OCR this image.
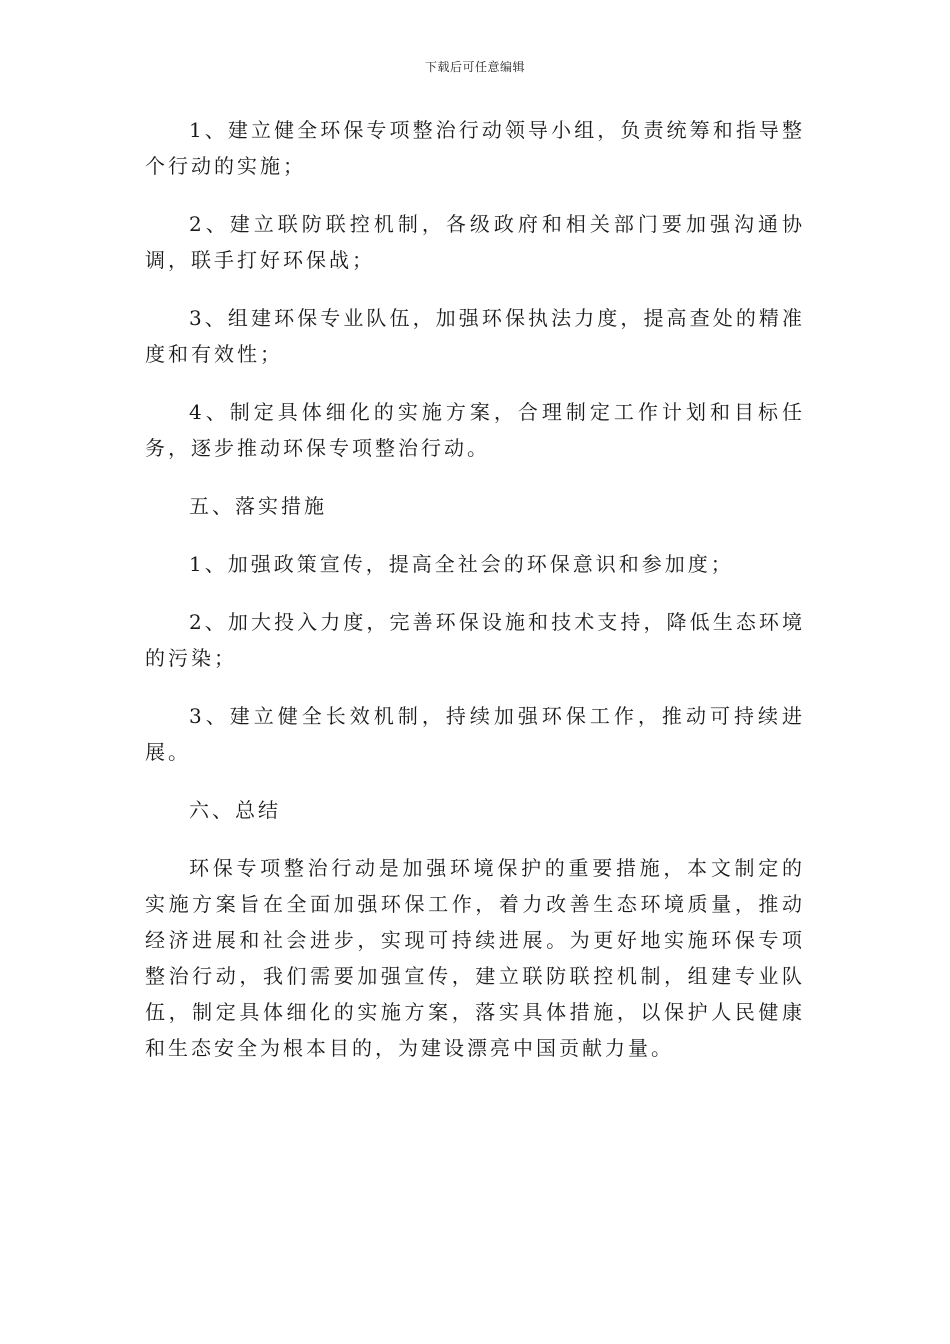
下载后可任意编辑

1、建立健全环保专项整治行动领导小组，负责统筹和指导整个行动的实施；

2、建立联防联控机制，各级政府和相关部门要加强沟通协调，联手打好环保战；

3、组建环保专业队伍，加强环保执法力度，提高查处的精准度和有效性；

4、制定具体细化的实施方案，合理制定工作计划和目标任务，逐步推动环保专项整治行动。

五、落实措施

1、加强政策宣传，提高全社会的环保意识和参加度；

2、加大投入力度，完善环保设施和技术支持，降低生态环境的污染；

3、建立健全长效机制，持续加强环保工作，推动可持续进展。

六、总结

环保专项整治行动是加强环境保护的重要措施，本文制定的实施方案旨在全面加强环保工作，着力改善生态环境质量，推动经济进展和社会进步，实现可持续进展。为更好地实施环保专项整治行动，我们需要加强宣传，建立联防联控机制，组建专业队伍，制定具体细化的实施方案，落实具体措施，以保护人民健康和生态安全为根本目的，为建设漂亮中国贡献力量。
